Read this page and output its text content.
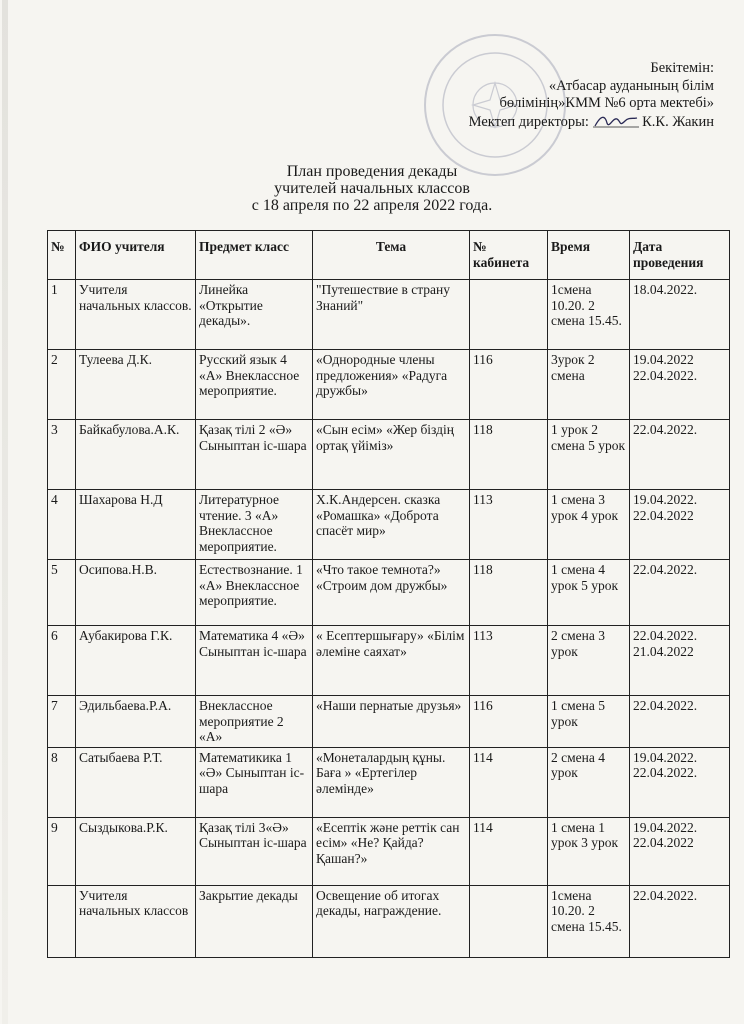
Бекітемін:
«Атбасар ауданының білім
бөлімінің»КММ №6 орта мектебі»
Мектеп директоры:	К.К. Жакин
План проведения декады
учителей начальных классов
с 18 апреля по 22 апреля 2022 года.
№	ФИО учителя	Предмет класс	Тема	№ кабинета	Время	Дата проведения
1	Учителя начальных классов.	Линейка «Открытие декады».	"Путешествие в страну Знаний"		1смена 10.20. 2 смена 15.45.	18.04.2022.
2	Тулеева Д.К.	Русский язык 4 «А» Внеклассное мероприятие.	«Однородные члены предложения» «Радуга дружбы»	116	3урок 2 смена	19.04.2022 22.04.2022.
3	Байкабулова.А.К.	Қазақ тілі 2 «Ә» Сыныптан іс-шара	«Сын есім» «Жер біздің ортақ үйіміз»	118	1 урок 2 смена 5 урок	22.04.2022.
4	Шахарова Н.Д	Литературное чтение. 3 «А» Внеклассное мероприятие.	Х.К.Андерсен. сказка «Ромашка» «Доброта спасёт мир»	113	1 смена 3 урок 4 урок	19.04.2022. 22.04.2022
5	Осипова.Н.В.	Естествознание. 1 «А» Внеклассное мероприятие.	«Что такое темнота?» «Строим дом дружбы»	118	1 смена 4 урок 5 урок	22.04.2022.
6	Аубакирова Г.К.	Математика 4 «Ә» Сыныптан іс-шара	« Есептершығару» «Білім әлеміне саяхат»	113	2 смена 3 урок	22.04.2022. 21.04.2022
7	Эдильбаева.Р.А.	Внеклассное мероприятие 2 «А»	«Наши пернатые друзья»	116	1 смена 5 урок	22.04.2022.
8	Сатыбаева Р.Т.	Математикика 1 «Ә» Сыныптан іс-шара	«Монеталардың құны. Баға » «Ертегілер әлемінде»	114	2 смена 4 урок	19.04.2022. 22.04.2022.
9	Сыздыкова.Р.К.	Қазақ тілі 3«Ә» Сыныптан іс-шара	«Есептік және реттік сан есім» «Не? Қайда? Қашан?»	114	1 смена 1 урок 3 урок	19.04.2022. 22.04.2022
	Учителя начальных классов	Закрытие декады	Освещение об итогах декады, награждение.		1смена 10.20. 2 смена 15.45.	22.04.2022.
